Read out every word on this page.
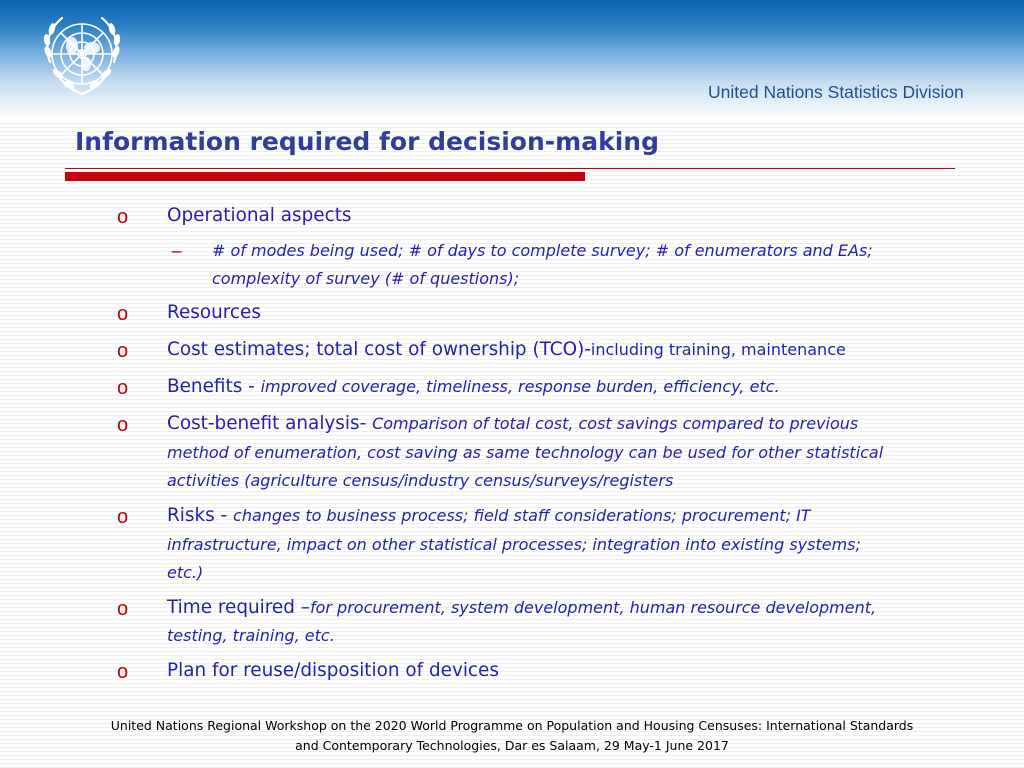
United Nations Statistics Division
Information required for decision-making
o Operational aspects
− # of modes being used; # of days to complete survey; # of enumerators and EAs;
complexity of survey (# of questions);
o Resources
o Cost estimates; total cost of ownership (TCO)-including training, maintenance
o Benefits - improved coverage, timeliness, response burden, efficiency, etc.
o Cost-benefit analysis- Comparison of total cost, cost savings compared to previous
method of enumeration, cost saving as same technology can be used for other statistical
activities (agriculture census/industry census/surveys/registers
o Risks - changes to business process; field staff considerations; procurement; IT
infrastructure, impact on other statistical processes; integration into existing systems;
etc.)
o Time required –for procurement, system development, human resource development,
testing, training, etc.
o Plan for reuse/disposition of devices
United Nations Regional Workshop on the 2020 World Programme on Population and Housing Censuses: International Standards
and Contemporary Technologies, Dar es Salaam, 29 May-1 June 2017
